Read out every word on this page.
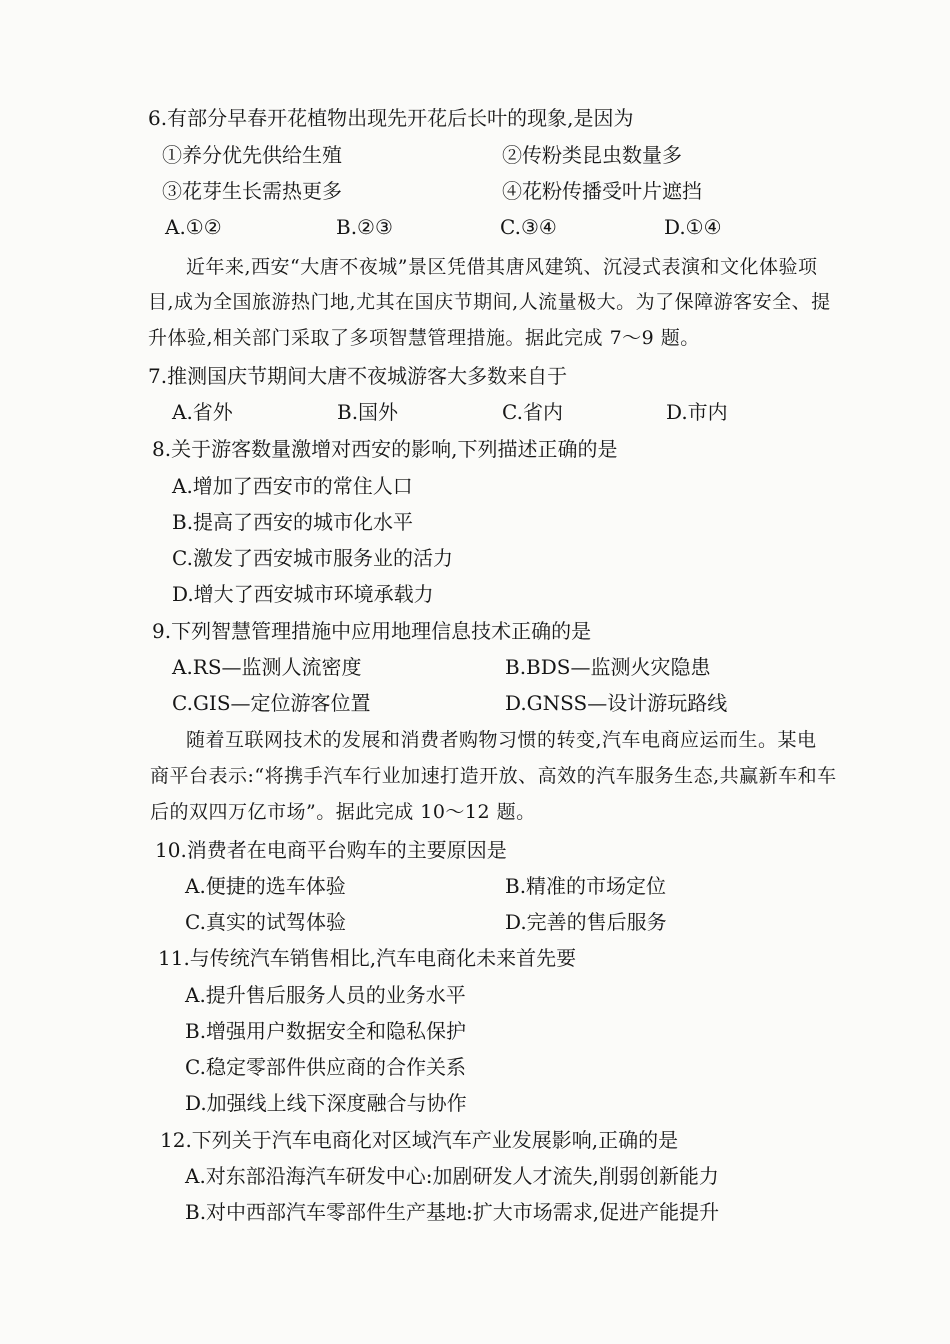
6.有部分早春开花植物出现先开花后长叶的现象,是因为
①养分优先供给生殖	②传粉类昆虫数量多
③花芽生长需热更多	④花粉传播受叶片遮挡
A.①②	B.②③	C.③④	D.①④
近年来,西安“大唐不夜城”景区凭借其唐风建筑、沉浸式表演和文化体验项
目,成为全国旅游热门地,尤其在国庆节期间,人流量极大。为了保障游客安全、提
升体验,相关部门采取了多项智慧管理措施。据此完成 7～9 题。
7.推测国庆节期间大唐不夜城游客大多数来自于
A.省外	B.国外	C.省内	D.市内
8.关于游客数量激增对西安的影响,下列描述正确的是
A.增加了西安市的常住人口
B.提高了西安的城市化水平
C.激发了西安城市服务业的活力
D.增大了西安城市环境承载力
9.下列智慧管理措施中应用地理信息技术正确的是
A.RS—监测人流密度	B.BDS—监测火灾隐患
C.GIS—定位游客位置	D.GNSS—设计游玩路线
随着互联网技术的发展和消费者购物习惯的转变,汽车电商应运而生。某电
商平台表示:“将携手汽车行业加速打造开放、高效的汽车服务生态,共赢新车和车
后的双四万亿市场”。据此完成 10～12 题。
10.消费者在电商平台购车的主要原因是
A.便捷的选车体验	B.精准的市场定位
C.真实的试驾体验	D.完善的售后服务
11.与传统汽车销售相比,汽车电商化未来首先要
A.提升售后服务人员的业务水平
B.增强用户数据安全和隐私保护
C.稳定零部件供应商的合作关系
D.加强线上线下深度融合与协作
12.下列关于汽车电商化对区域汽车产业发展影响,正确的是
A.对东部沿海汽车研发中心:加剧研发人才流失,削弱创新能力
B.对中西部汽车零部件生产基地:扩大市场需求,促进产能提升
